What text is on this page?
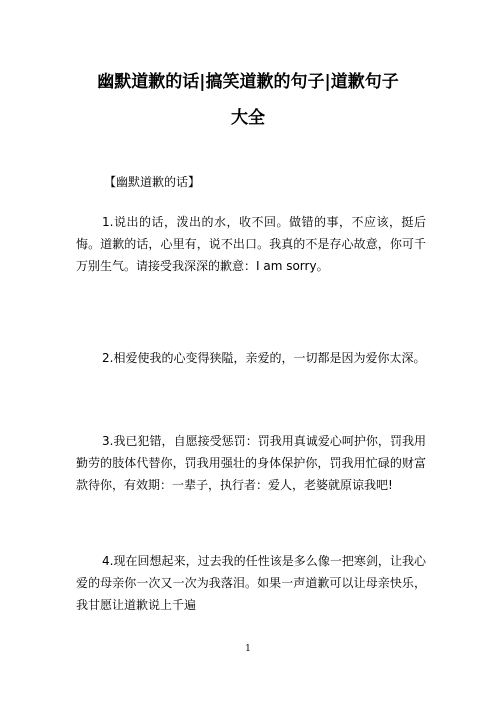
幽默道歉的话|搞笑道歉的句子|道歉句子
大全
【幽默道歉的话】

1.说出的话，泼出的水，收不回。做错的事，不应该，挺后悔。道歉的话，心里有，说不出口。我真的不是存心故意，你可千万别生气。请接受我深深的歉意：I am sorry。

2.相爱使我的心变得狭隘，亲爱的，一切都是因为爱你太深。

3.我已犯错，自愿接受惩罚：罚我用真诚爱心呵护你，罚我用勤劳的肢体代替你，罚我用强壮的身体保护你，罚我用忙碌的财富款待你，有效期：一辈子，执行者：爱人，老婆就原谅我吧!

4.现在回想起来，过去我的任性该是多么像一把寒剑，让我心爱的母亲你一次又一次为我落泪。如果一声道歉可以让母亲快乐，我甘愿让道歉说上千遍

1
